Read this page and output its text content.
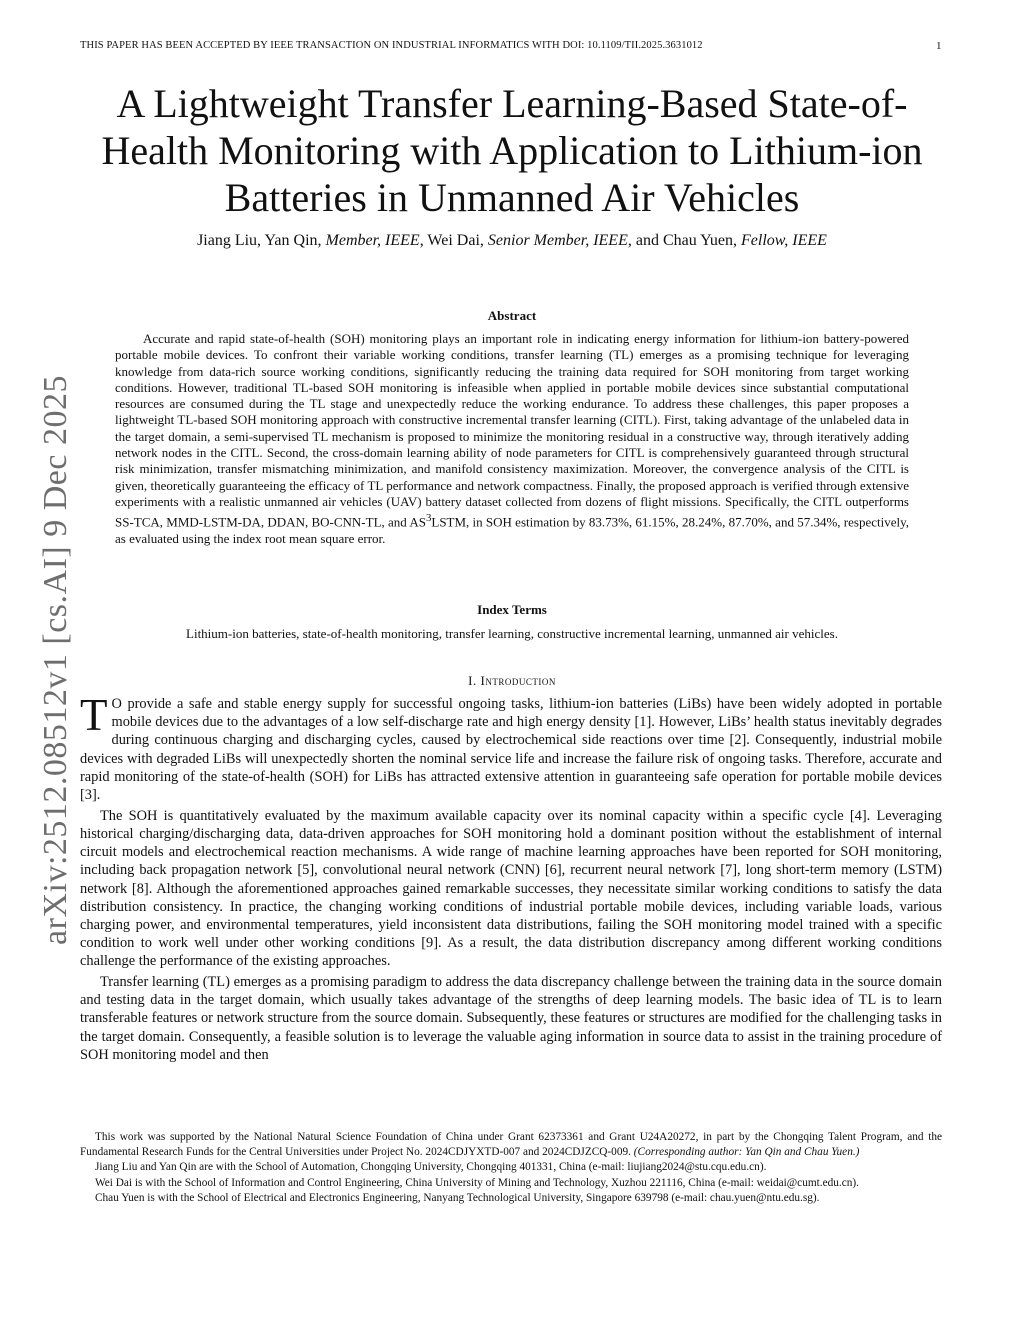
THIS PAPER HAS BEEN ACCEPTED BY IEEE TRANSACTION ON INDUSTRIAL INFORMATICS WITH DOI: 10.1109/TII.2025.3631012	1
arXiv:2512.08512v1 [cs.AI] 9 Dec 2025
A Lightweight Transfer Learning-Based State-of-Health Monitoring with Application to Lithium-ion Batteries in Unmanned Air Vehicles
Jiang Liu, Yan Qin, Member, IEEE, Wei Dai, Senior Member, IEEE, and Chau Yuen, Fellow, IEEE
Abstract

Accurate and rapid state-of-health (SOH) monitoring plays an important role in indicating energy information for lithium-ion battery-powered portable mobile devices. To confront their variable working conditions, transfer learning (TL) emerges as a promising technique for leveraging knowledge from data-rich source working conditions, significantly reducing the training data required for SOH monitoring from target working conditions. However, traditional TL-based SOH monitoring is infeasible when applied in portable mobile devices since substantial computational resources are consumed during the TL stage and unexpectedly reduce the working endurance. To address these challenges, this paper proposes a lightweight TL-based SOH monitoring approach with constructive incremental transfer learning (CITL). First, taking advantage of the unlabeled data in the target domain, a semi-supervised TL mechanism is proposed to minimize the monitoring residual in a constructive way, through iteratively adding network nodes in the CITL. Second, the cross-domain learning ability of node parameters for CITL is comprehensively guaranteed through structural risk minimization, transfer mismatching minimization, and manifold consistency maximization. Moreover, the convergence analysis of the CITL is given, theoretically guaranteeing the efficacy of TL performance and network compactness. Finally, the proposed approach is verified through extensive experiments with a realistic unmanned air vehicles (UAV) battery dataset collected from dozens of flight missions. Specifically, the CITL outperforms SS-TCA, MMD-LSTM-DA, DDAN, BO-CNN-TL, and $AS^3LSTM$, in SOH estimation by 83.73%, 61.15%, 28.24%, 87.70%, and 57.34%, respectively, as evaluated using the index root mean square error.

Index Terms
Lithium-ion batteries, state-of-health monitoring, transfer learning, constructive incremental learning, unmanned air vehicles.
I. Introduction

T O provide a safe and stable energy supply for successful ongoing tasks, lithium-ion batteries (LiBs) have been widely adopted in portable mobile devices due to the advantages of a low self-discharge rate and high energy density [1]. However, LiBs’ health status inevitably degrades during continuous charging and discharging cycles, caused by electrochemical side reactions over time [2]. Consequently, industrial mobile devices with degraded LiBs will unexpectedly shorten the nominal service life and increase the failure risk of ongoing tasks. Therefore, accurate and rapid monitoring of the state-of-health (SOH) for LiBs has attracted extensive attention in guaranteeing safe operation for portable mobile devices [3].

The SOH is quantitatively evaluated by the maximum available capacity over its nominal capacity within a specific cycle [4]. Leveraging historical charging/discharging data, data-driven approaches for SOH monitoring hold a dominant position without the establishment of internal circuit models and electrochemical reaction mechanisms. A wide range of machine learning approaches have been reported for SOH monitoring, including back propagation network [5], convolutional neural network (CNN) [6], recurrent neural network [7], long short-term memory (LSTM) network [8]. Although the aforementioned approaches gained remarkable successes, they necessitate similar working conditions to satisfy the data distribution consistency. In practice, the changing working conditions of industrial portable mobile devices, including variable loads, various charging power, and environmental temperatures, yield inconsistent data distributions, failing the SOH monitoring model trained with a specific condition to work well under other working conditions [9]. As a result, the data distribution discrepancy among different working conditions challenge the performance of the existing approaches.

Transfer learning (TL) emerges as a promising paradigm to address the data discrepancy challenge between the training data in the source domain and testing data in the target domain, which usually takes advantage of the strengths of deep learning models. The basic idea of TL is to learn transferable features or network structure from the source domain. Subsequently, these features or structures are modified for the challenging tasks in the target domain. Consequently, a feasible solution is to leverage the valuable aging information in source data to assist in the training procedure of SOH monitoring model and then

This work was supported by the National Natural Science Foundation of China under Grant 62373361 and Grant U24A20272, in part by the Chongqing Talent Program, and the Fundamental Research Funds for the Central Universities under Project No. 2024CDJYXTD-007 and 2024CDJZCQ-009. (Corresponding author: Yan Qin and Chau Yuen.)

Jiang Liu and Yan Qin are with the School of Automation, Chongqing University, Chongqing 401331, China (e-mail: liujiang2024@stu.cqu.edu.cn).

Wei Dai is with the School of Information and Control Engineering, China University of Mining and Technology, Xuzhou 221116, China (e-mail: weidai@cumt.edu.cn).

Chau Yuen is with the School of Electrical and Electronics Engineering, Nanyang Technological University, Singapore 639798 (e-mail: chau.yuen@ntu.edu.sg).
